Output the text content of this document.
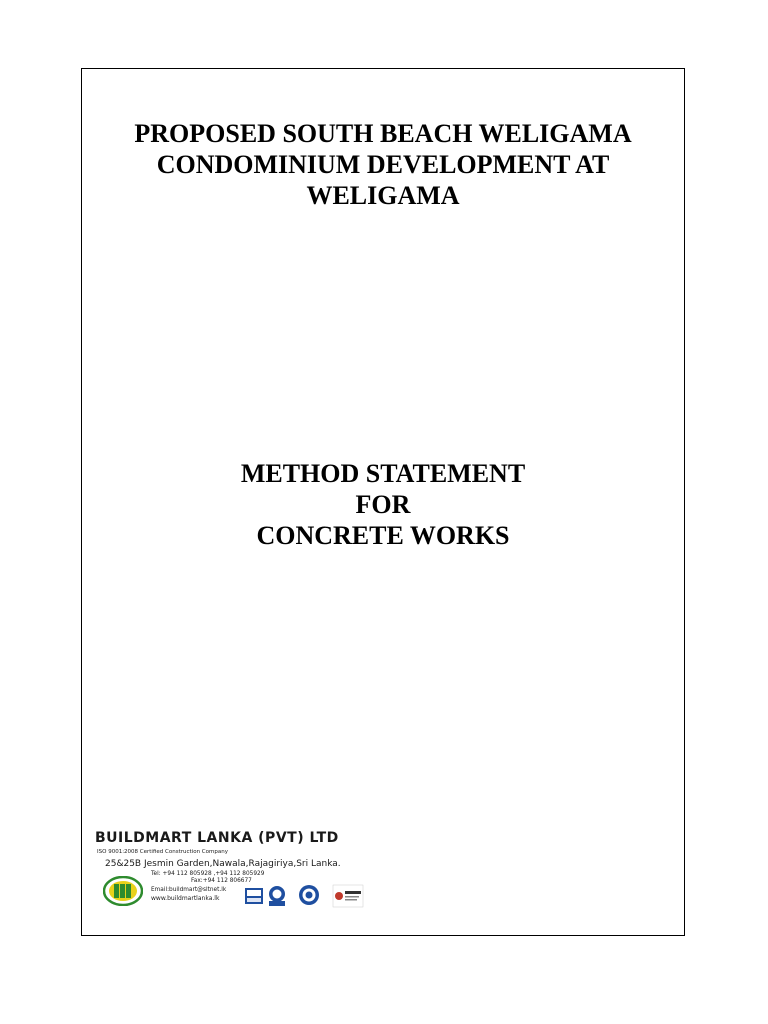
PROPOSED SOUTH BEACH WELIGAMA
CONDOMINIUM DEVELOPMENT AT
WELIGAMA
METHOD STATEMENT
FOR
CONCRETE WORKS
BUILDMART LANKA (PVT) LTD
ISO 9001:2008 Certified Construction Company
25&25B Jesmin Garden,Nawala,Rajagiriya,Sri Lanka.
Tel: +94 112 805928 ,+94 112 805929
Fax:+94 112 806677
Email:buildmart@sltnet.lk
www.buildmartlanka.lk
